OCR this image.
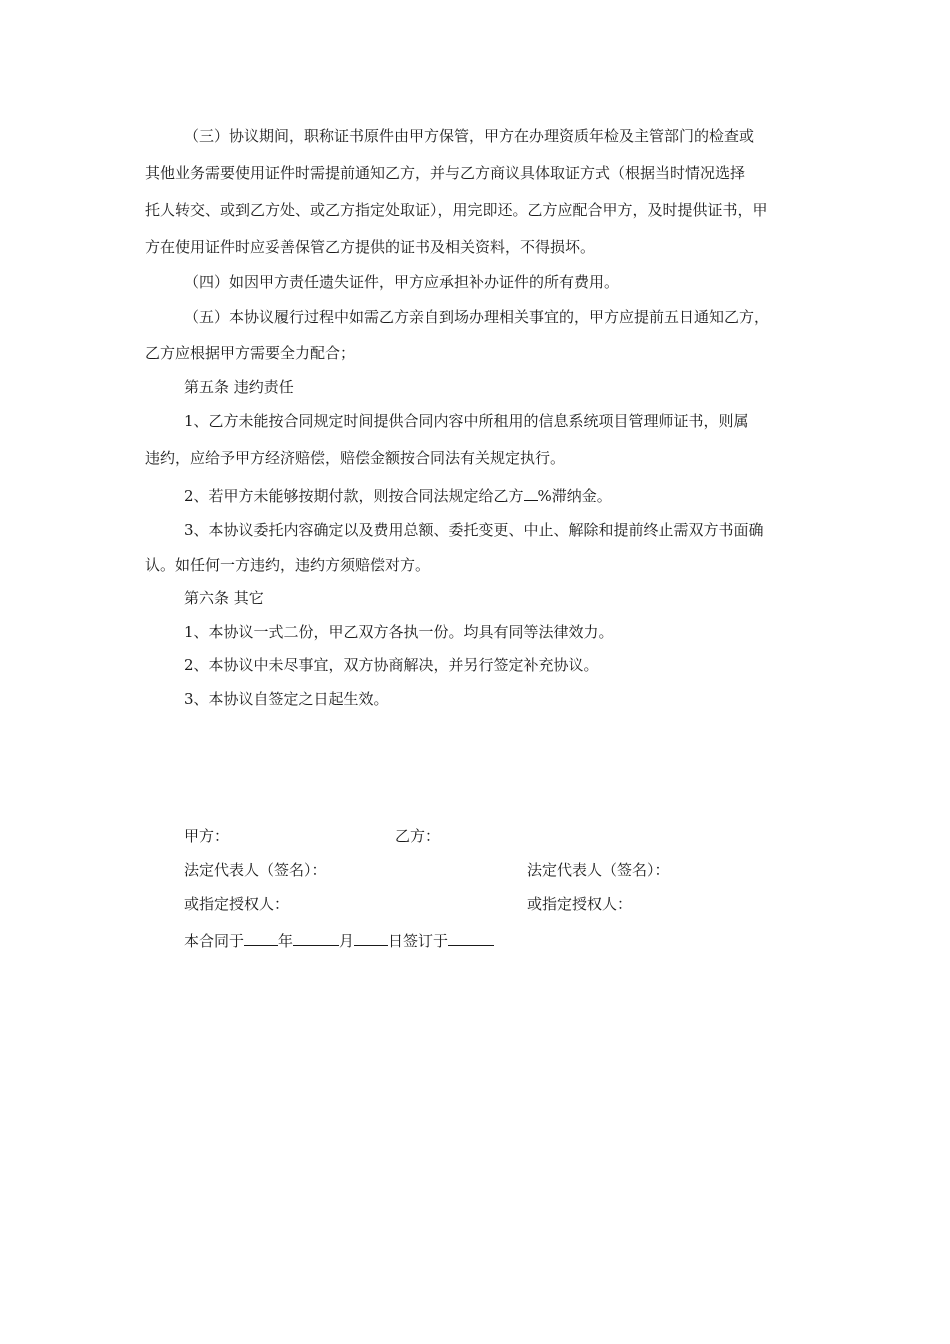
（三）协议期间，职称证书原件由甲方保管，甲方在办理资质年检及主管部门的检查或
其他业务需要使用证件时需提前通知乙方，并与乙方商议具体取证方式（根据当时情况选择
托人转交、或到乙方处、或乙方指定处取证），用完即还。乙方应配合甲方，及时提供证书，甲
方在使用证件时应妥善保管乙方提供的证书及相关资料，不得损坏。
（四）如因甲方责任遗失证件，甲方应承担补办证件的所有费用。
（五）本协议履行过程中如需乙方亲自到场办理相关事宜的，甲方应提前五日通知乙方，
乙方应根据甲方需要全力配合；
第五条 违约责任
1、乙方未能按合同规定时间提供合同内容中所租用的信息系统项目管理师证书，则属
违约，应给予甲方经济赔偿，赔偿金额按合同法有关规定执行。
2、若甲方未能够按期付款，则按合同法规定给乙方 %滞纳金。
3、本协议委托内容确定以及费用总额、委托变更、中止、解除和提前终止需双方书面确
认。如任何一方违约，违约方须赔偿对方。
第六条 其它
1、本协议一式二份，甲乙双方各执一份。均具有同等法律效力。
2、本协议中未尽事宜，双方协商解决，并另行签定补充协议。
3、本协议自签定之日起生效。
甲方：	乙方：
法定代表人（签名）：	法定代表人（签名）：
或指定授权人：	或指定授权人：
本合同于 年	月 日签订于
